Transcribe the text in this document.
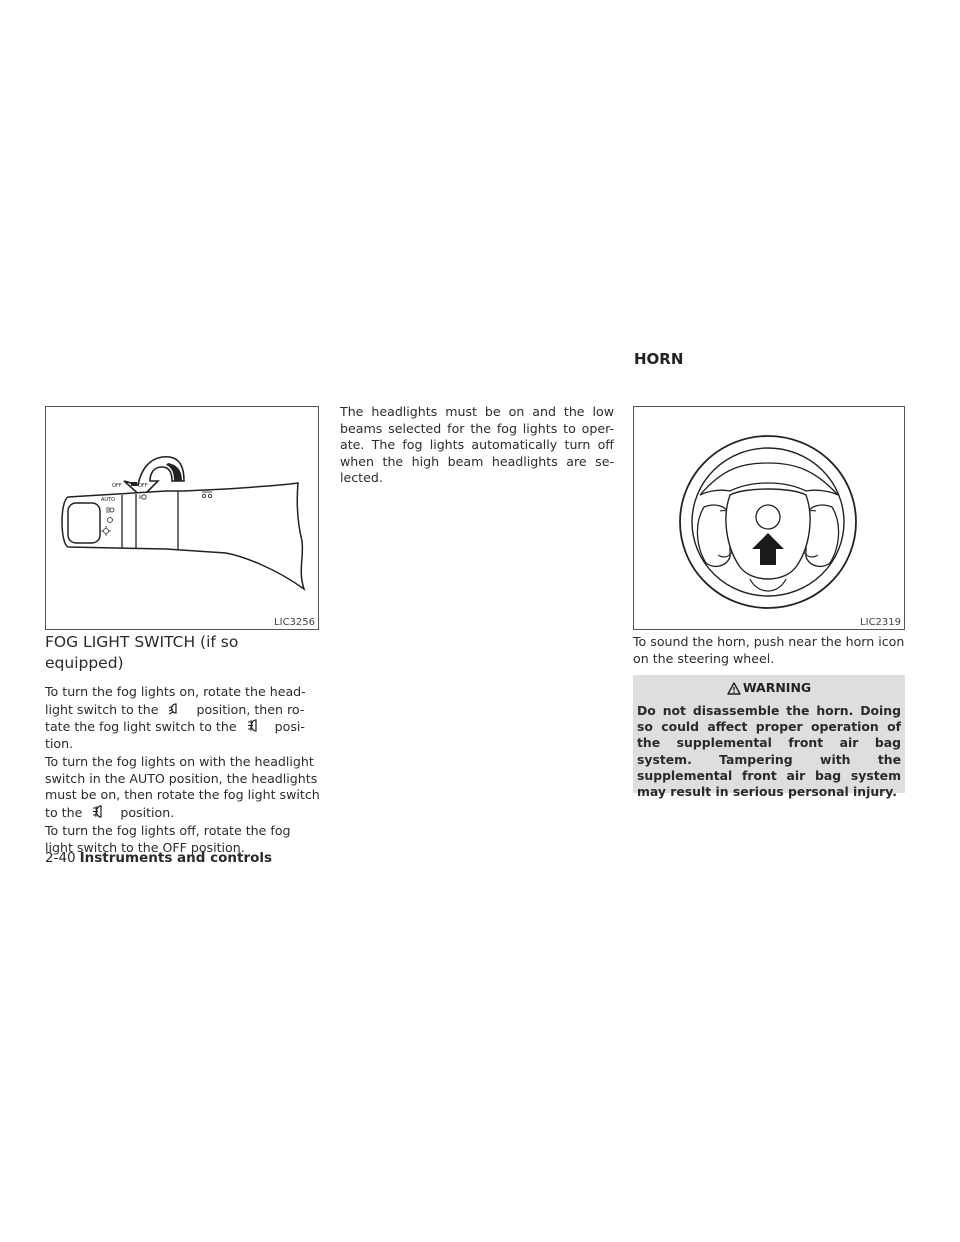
HORN
OFF	OFF
AUTO
LIC3256	LIC2319
FOG LIGHT SWITCH (if so equipped)

To turn the fog lights on, rotate the head-light switch to the	position, then ro-tate the fog light switch to the	posi-tion.

To turn the fog lights on with the headlight switch in the AUTO position, the headlights must be on, then rotate the fog light switch to the	position.

To turn the fog lights off, rotate the fog light switch to the OFF position.

The headlights must be on and the low beams selected for the fog lights to oper-ate. The fog lights automatically turn off when the high beam headlights are se-lected.
To sound the horn, push near the horn icon on the steering wheel.
WARNING
Do not disassemble the horn. Doing so could affect proper operation of the supplemental front air bag system. Tampering with the supplemental front air bag system may result in serious personal injury.
2-40 Instruments and controls
